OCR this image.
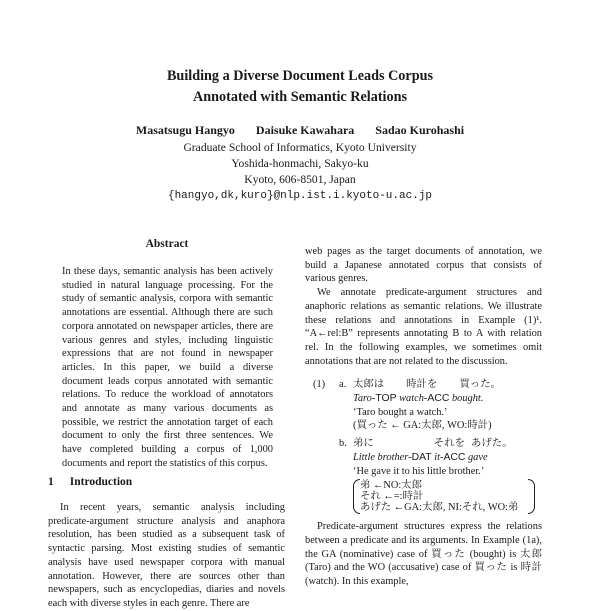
Building a Diverse Document Leads Corpus
Annotated with Semantic Relations
Masatsugu Hangyo Daisuke Kawahara Sadao Kurohashi
Graduate School of Informatics, Kyoto University
Yoshida-honmachi, Sakyo-ku
Kyoto, 606-8501, Japan
{hangyo,dk,kuro}@nlp.ist.i.kyoto-u.ac.jp
Abstract

In these days, semantic analysis has been actively studied in natural language processing. For the study of semantic analysis, corpora with semantic annotations are essential. Although there are such corpora annotated on newspaper articles, there are various genres and styles, including linguistic expressions that are not found in newspaper articles. In this paper, we build a diverse document leads corpus annotated with semantic relations. To reduce the workload of annotators and annotate as many various documents as possible, we restrict the annotation target of each document to only the first three sentences. We have completed building a corpus of 1,000 documents and report the statistics of this corpus.

1 Introduction

In recent years, semantic analysis including predicate-argument structure analysis and anaphora resolution, has been studied as a subsequent task of syntactic parsing. Most existing studies of semantic analysis have used newspaper corpora with manual annotation. However, there are sources other than newspapers, such as encyclopedias, diaries and novels each with diverse styles in each genre. There are

web pages as the target documents of annotation, we build a Japanese annotated corpus that consists of various genres.

We annotate predicate-argument structures and anaphoric relations as semantic relations. We illustrate these relations and annotations in Example (1)¹. “A←rel:B” represents annotating B to A with relation rel. In the following examples, we sometimes omit annotations that are not related to the discussion.

(1)	a. 太郎は 時計を 買った。
Taro-TOP watch-ACC bought.
‘Taro bought a watch.’
(買った ← GA:太郎, WO:時計)
b. 弟に	それを あげた。
Little brother-DAT it-ACC gave
‘He gave it to his little brother.’
弟 ←NO:太郎
それ ←=:時計
あげた ←GA:太郎, NI:それ, WO:弟

Predicate-argument structures express the relations between a predicate and its arguments. In Example (1a), the GA (nominative) case of 買った (bought) is 太郎 (Taro) and the WO (accusative) case of 買った is 時計 (watch). In this example,
